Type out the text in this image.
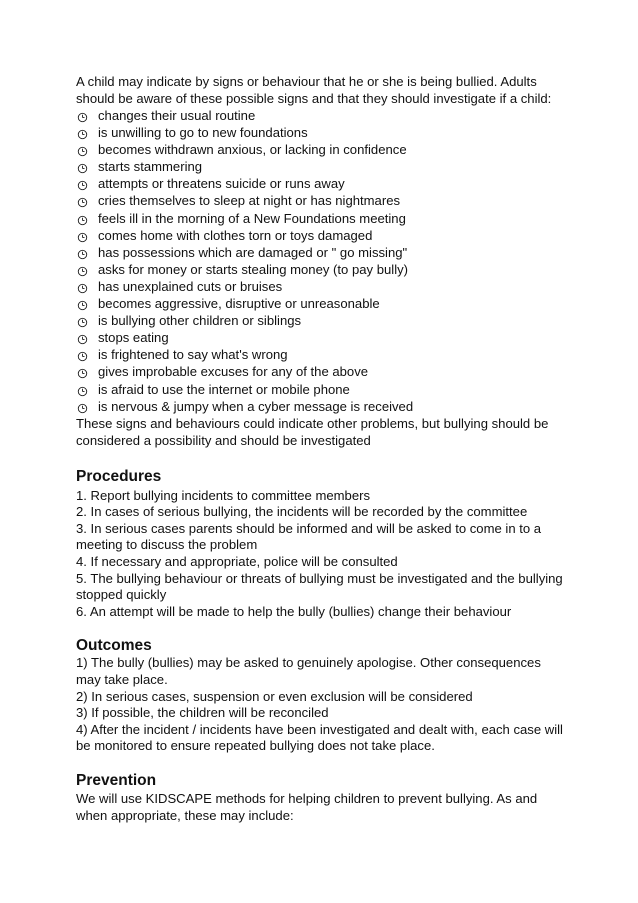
A child may indicate by signs or behaviour that he or she is being bullied. Adults should be aware of these possible signs and that they should investigate if a child:

changes their usual routine
is unwilling to go to new foundations
becomes withdrawn anxious, or lacking in confidence
starts stammering
attempts or threatens suicide or runs away
cries themselves to sleep at night or has nightmares
feels ill in the morning of a New Foundations meeting
comes home with clothes torn or toys damaged
has possessions which are damaged or " go missing"
asks for money or starts stealing money (to pay bully)
has unexplained cuts or bruises
becomes aggressive, disruptive or unreasonable
is bullying other children or siblings
stops eating
is frightened to say what's wrong
gives improbable excuses for any of the above
is afraid to use the internet or mobile phone
is nervous & jumpy when a cyber message is received

These signs and behaviours could indicate other problems, but bullying should be considered a possibility and should be investigated

Procedures
1. Report bullying incidents to committee members
2. In cases of serious bullying, the incidents will be recorded by the committee
3. In serious cases parents should be informed and will be asked to come in to a meeting to discuss the problem
4. If necessary and appropriate, police will be consulted
5. The bullying behaviour or threats of bullying must be investigated and the bullying stopped quickly
6. An attempt will be made to help the bully (bullies) change their behaviour
Outcomes
1) The bully (bullies) may be asked to genuinely apologise. Other consequences may take place.
2) In serious cases, suspension or even exclusion will be considered
3) If possible, the children will be reconciled
4) After the incident / incidents have been investigated and dealt with, each case will be monitored to ensure repeated bullying does not take place.
Prevention

We will use KIDSCAPE methods for helping children to prevent bullying. As and when appropriate, these may include:
